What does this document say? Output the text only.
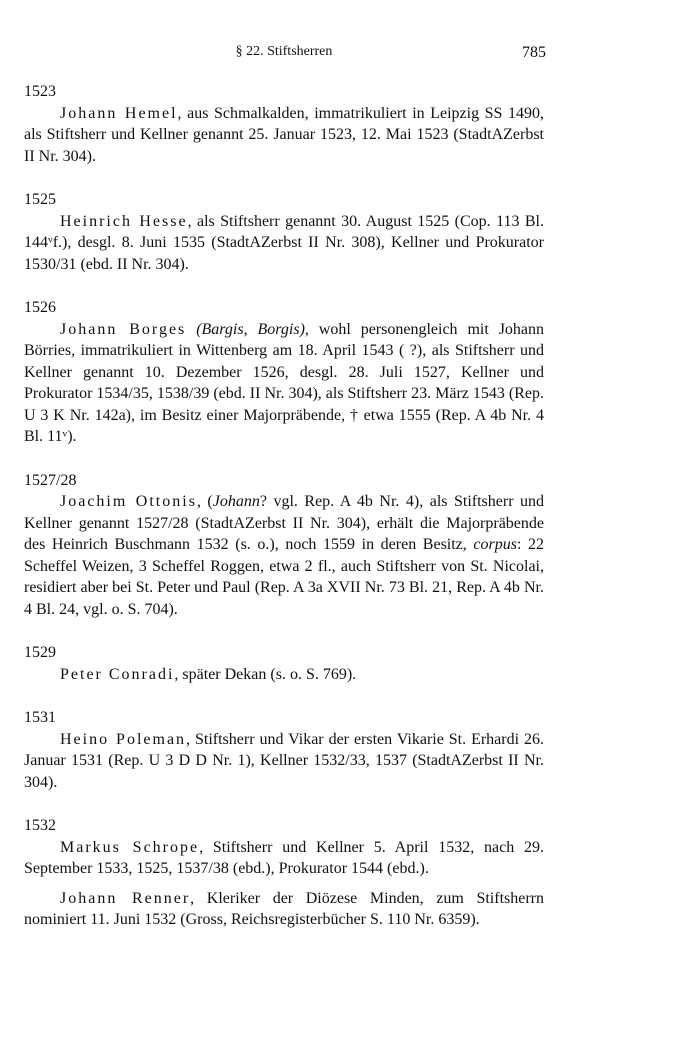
§ 22. Stiftsherren	785
1523

Johann Hemel, aus Schmalkalden, immatrikuliert in Leipzig SS 1490, als Stiftsherr und Kellner genannt 25. Januar 1523, 12. Mai 1523 (StadtAZerbst II Nr. 304).

1525

Heinrich Hesse, als Stiftsherr genannt 30. August 1525 (Cop. 113 Bl. 144ᵛf.), desgl. 8. Juni 1535 (StadtAZerbst II Nr. 308), Kellner und Prokurator 1530/31 (ebd. II Nr. 304).

1526

Johann Borges (Bargis, Borgis), wohl personengleich mit Johann Börries, immatrikuliert in Wittenberg am 18. April 1543 ( ?), als Stiftsherr und Kellner genannt 10. Dezember 1526, desgl. 28. Juli 1527, Kellner und Prokurator 1534/35, 1538/39 (ebd. II Nr. 304), als Stiftsherr 23. März 1543 (Rep. U 3 K Nr. 142a), im Besitz einer Majorpräbende, † etwa 1555 (Rep. A 4b Nr. 4 Bl. 11ᵛ).

1527/28

Joachim Ottonis, (Johann? vgl. Rep. A 4b Nr. 4), als Stiftsherr und Kellner genannt 1527/28 (StadtAZerbst II Nr. 304), erhält die Majorpräbende des Heinrich Buschmann 1532 (s. o.), noch 1559 in deren Besitz, corpus: 22 Scheffel Weizen, 3 Scheffel Roggen, etwa 2 fl., auch Stiftsherr von St. Nicolai, residiert aber bei St. Peter und Paul (Rep. A 3a XVII Nr. 73 Bl. 21, Rep. A 4b Nr. 4 Bl. 24, vgl. o. S. 704).

1529

Peter Conradi, später Dekan (s. o. S. 769).

1531

Heino Poleman, Stiftsherr und Vikar der ersten Vikarie St. Erhardi 26. Januar 1531 (Rep. U 3 D D Nr. 1), Kellner 1532/33, 1537 (StadtAZerbst II Nr. 304).

1532

Markus Schrope, Stiftsherr und Kellner 5. April 1532, nach 29. September 1533, 1525, 1537/38 (ebd.), Prokurator 1544 (ebd.).

Johann Renner, Kleriker der Diözese Minden, zum Stiftsherrn nominiert 11. Juni 1532 (Gross, Reichsregisterbücher S. 110 Nr. 6359).
